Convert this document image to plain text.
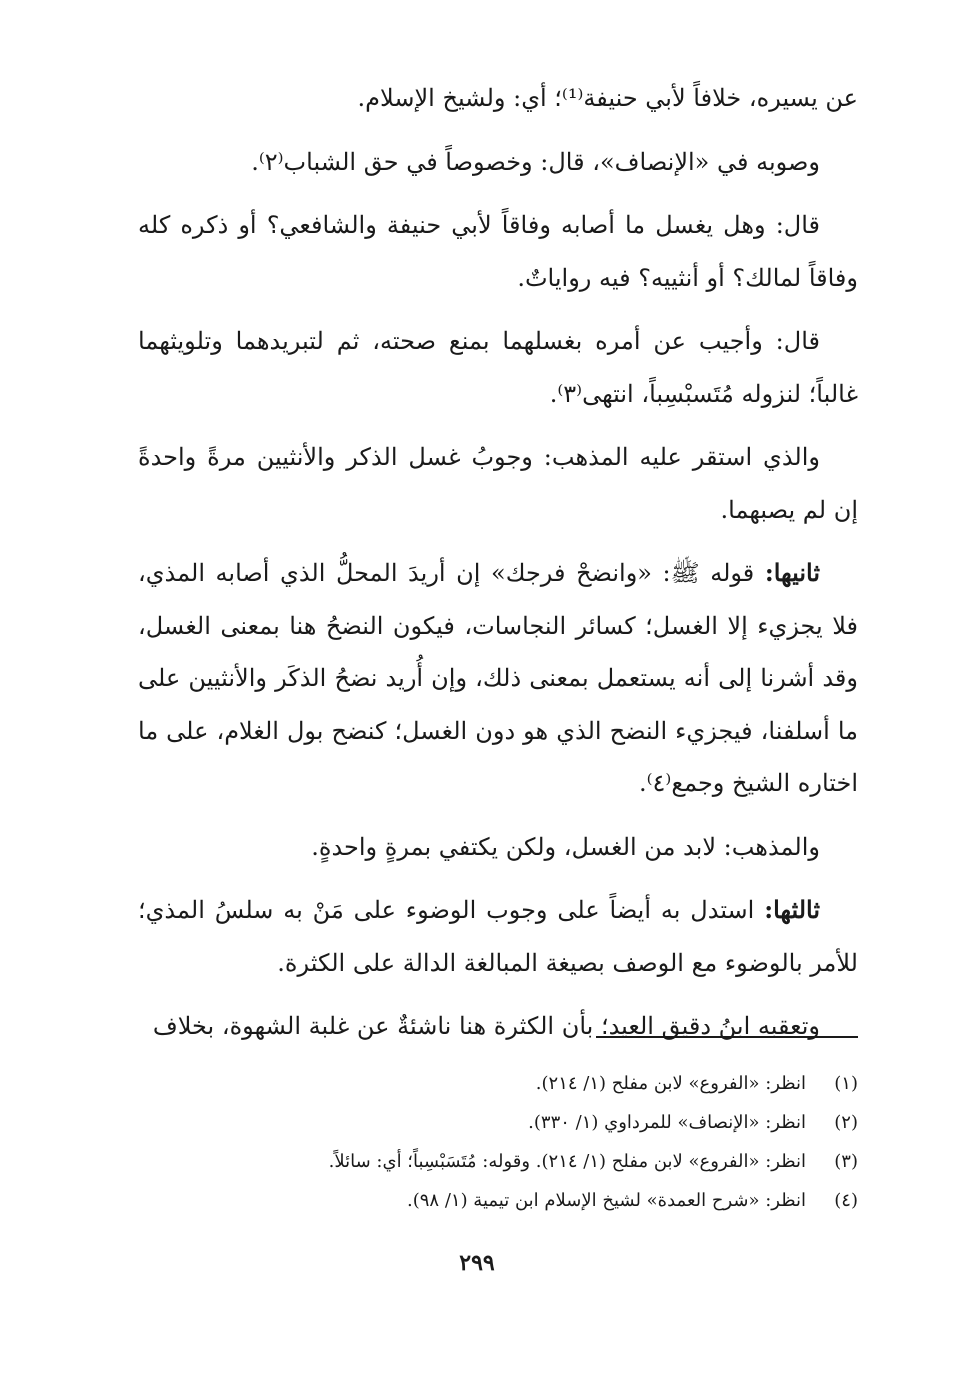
عن يسيره، خلافاً لأبي حنيفة⁽¹⁾؛ أي: ولشيخ الإسلام.

وصوبه في «الإنصاف»، قال: وخصوصاً في حق الشباب⁽٢⁾.

قال: وهل يغسل ما أصابه وفاقاً لأبي حنيفة والشافعي؟ أو ذكره كله وفاقاً لمالك؟ أو أنثييه؟ فيه رواياتٌ.

قال: وأجيب عن أمره بغسلهما بمنع صحته، ثم لتبريدهما وتلويثهما غالباً؛ لنزوله مُتَسبْسِباً، انتهى⁽٣⁾.

والذي استقر عليه المذهب: وجوبُ غسل الذكر والأنثيين مرةً واحدةً إن لم يصبهما.

ثانيها: قوله ﷺ: «وانضحْ فرجك» إن أريدَ المحلُّ الذي أصابه المذي، فلا يجزيء إلا الغسل؛ كسائر النجاسات، فيكون النضحُ هنا بمعنى الغسل، وقد أشرنا إلى أنه يستعمل بمعنى ذلك، وإن أُريد نضحُ الذكَر والأنثيين على ما أسلفنا، فيجزيء النضح الذي هو دون الغسل؛ كنضح بول الغلام، على ما اختاره الشيخ وجمع⁽٤⁾.

والمذهب: لابد من الغسل، ولكن يكتفي بمرةٍ واحدةٍ.

ثالثها: استدل به أيضاً على وجوب الوضوء على مَنْ به سلسُ المذي؛ للأمر بالوضوء مع الوصف بصيغة المبالغة الدالة على الكثرة.

وتعقبه ابنُ دقيق العيد؛ بأن الكثرة هنا ناشئةٌ عن غلبة الشهوة، بخلاف

(١)
انظر: «الفروع» لابن مفلح (١/ ٢١٤).
(٢)
انظر: «الإنصاف» للمرداوي (١/ ٣٣٠).
(٣)
انظر: «الفروع» لابن مفلح (١/ ٢١٤). وقوله: مُتَسَبْسِباً؛ أي: سائلاً.
(٤)
انظر: «شرح العمدة» لشيخ الإسلام ابن تيمية (١/ ٩٨).
٢٩٩
